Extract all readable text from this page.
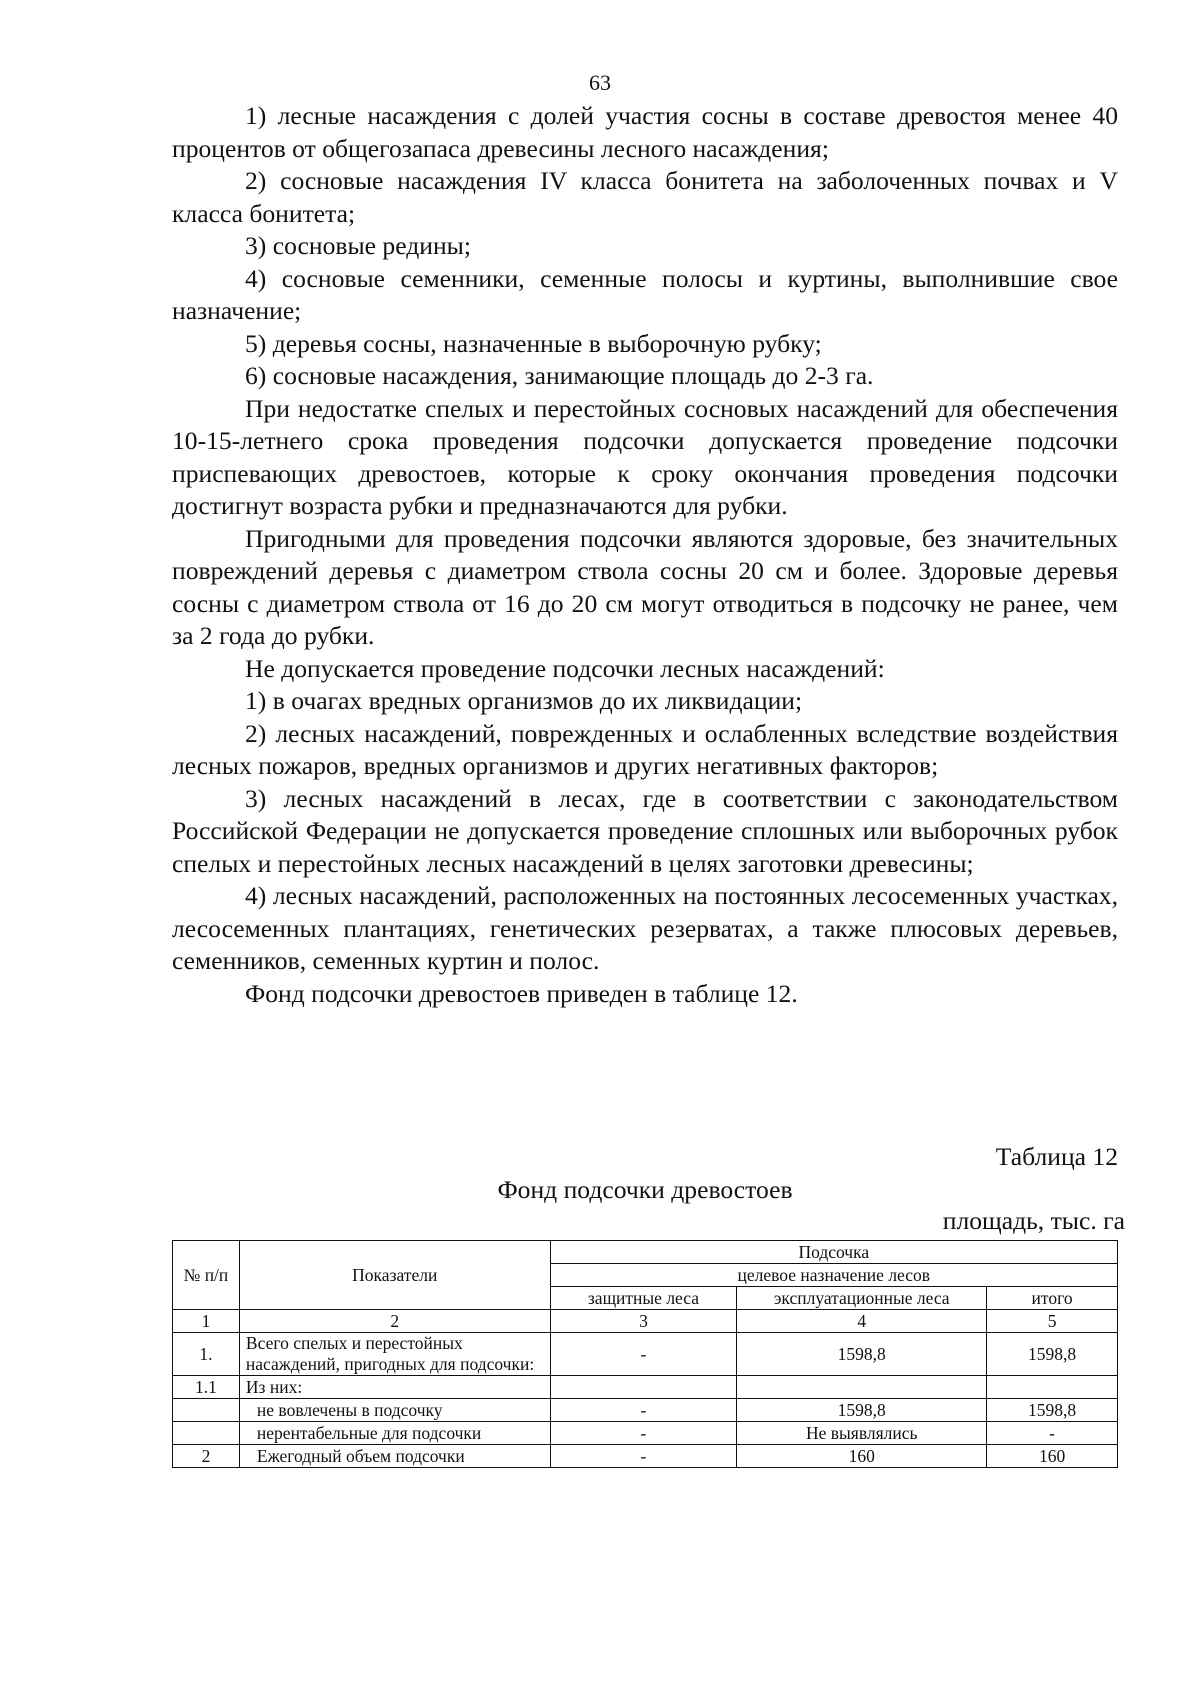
63

1) лесные насаждения с долей участия сосны в составе древостоя менее 40 процентов от общегозапаса древесины лесного насаждения;

2) сосновые насаждения IV класса бонитета на заболоченных почвах и V класса бонитета;

3) сосновые редины;

4) сосновые семенники, семенные полосы и куртины, выполнившие свое назначение;

5) деревья сосны, назначенные в выборочную рубку;

6) сосновые насаждения, занимающие площадь до 2-3 га.

При недостатке спелых и перестойных сосновых насаждений для обеспечения 10-15-летнего срока проведения подсочки допускается проведение подсочки приспевающих древостоев, которые к сроку окончания проведения подсочки достигнут возраста рубки и предназначаются для рубки.

Пригодными для проведения подсочки являются здоровые, без значительных повреждений деревья с диаметром ствола сосны 20 см и более. Здоровые деревья сосны с диаметром ствола от 16 до 20 см могут отводиться в подсочку не ранее, чем за 2 года до рубки.

Не допускается проведение подсочки лесных насаждений:

1) в очагах вредных организмов до их ликвидации;

2) лесных насаждений, поврежденных и ослабленных вследствие воздействия лесных пожаров, вредных организмов и других негативных факторов;

3) лесных насаждений в лесах, где в соответствии с законодательством Российской Федерации не допускается проведение сплошных или выборочных рубок спелых и перестойных лесных насаждений в целях заготовки древесины;

4) лесных насаждений, расположенных на постоянных лесосеменных участках, лесосеменных плантациях, генетических резерватах, а также плюсовых деревьев, семенников, семенных куртин и полос.

Фонд подсочки древостоев приведен в таблице 12.

Таблица 12
Фонд подсочки древостоев
площадь, тыс. га
№ п/п	Показатели	Подсочка		
		целевое назначение лесов		
		защитные леса	эксплуатационные леса	итого
1	2	3	4	5
1.	Всего спелых и перестойных насаждений, пригодных для подсочки:	-	1598,8	1598,8
1.1	Из них:			
	не вовлечены в подсочку	-	1598,8	1598,8
	нерентабельные для подсочки	-	Не выявлялись	-
2	Ежегодный объем подсочки	-	160	160
